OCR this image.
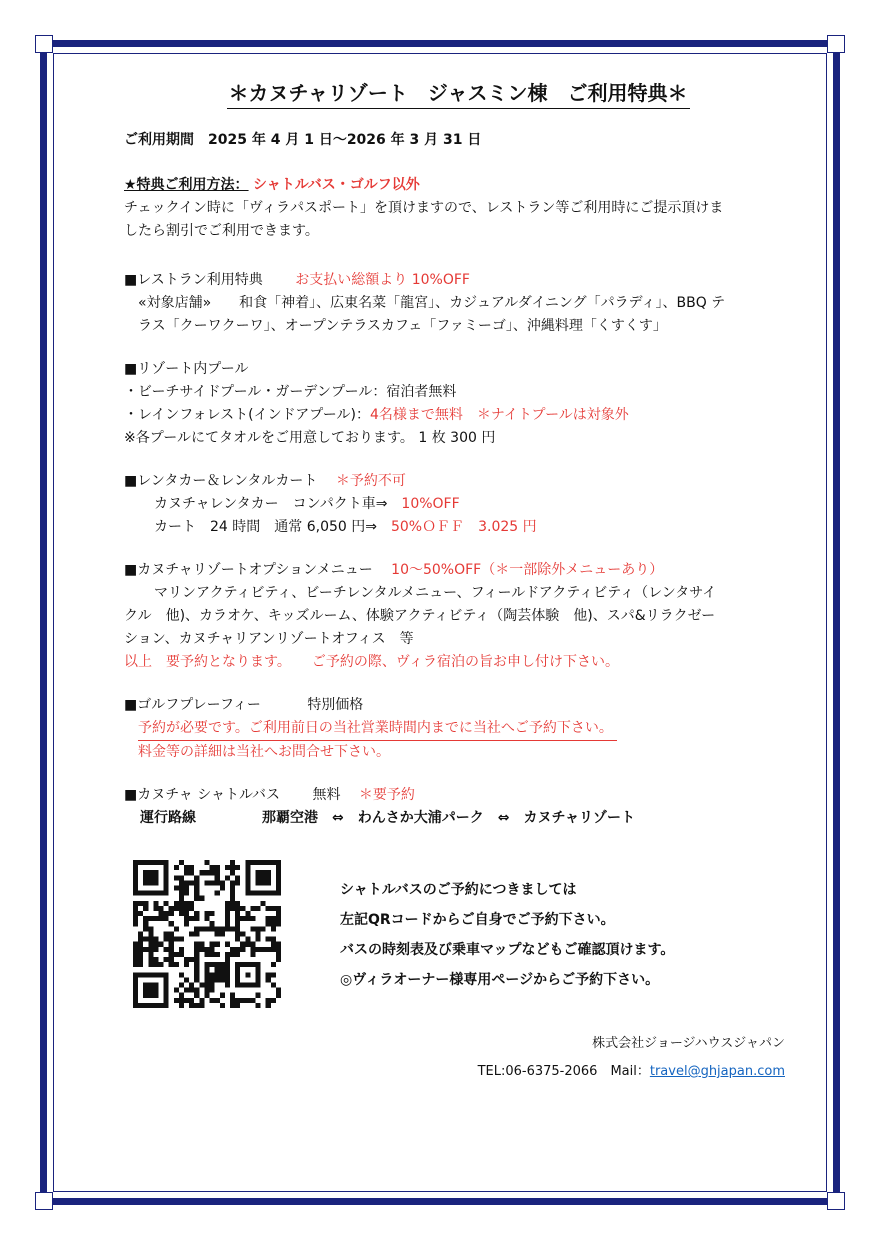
＊カヌチャリゾート　ジャスミン棟　ご利用特典＊
ご利用期間　2025 年 4 月 1 日～2026 年 3 月 31 日
★特典ご利用方法： シャトルバス・ゴルフ以外
チェックイン時に「ヴィラパスポート」を頂けますので、レストラン等ご利用時にご提示頂けま
したら割引でご利用できます。
■レストラン利用特典　　 お支払い総額より 10%OFF
«対象店舗»　　和食「神着」、広東名菜「龍宮」、カジュアルダイニング「パラディ」、BBQ テ
ラス「クーワクーワ」、オープンテラスカフェ「ファミーゴ」、沖縄料理「くすくす」
■リゾート内プール
・ビーチサイドプール・ガーデンプール：宿泊者無料
・レインフォレスト(インドアプール)：4名様まで無料　＊ナイトプールは対象外
※各プールにてタオルをご用意しております。 1 枚 300 円
■レンタカー＆レンタルカート　 ＊予約不可
カヌチャレンタカー　コンパクト車⇒　 10%OFF
カート　24 時間　通常 6,050 円⇒　 50%ＯＦＦ　3.025 円
■カヌチャリゾートオプションメニュー　 10～50%OFF（＊一部除外メニューあり）
マリンアクティビティ、ビーチレンタルメニュー、フィールドアクティビティ（レンタサイ
クル　他)、カラオケ、キッズルーム、体験アクティビティ（陶芸体験　他)、スパ&リラクゼー
ション、カヌチャリアンリゾートオフィス　等
以上　要予約となります。　　ご予約の際、ヴィラ宿泊の旨お申し付け下さい。
■ゴルフプレーフィー　　　	特別価格
予約が必要です。ご利用前日の当社営業時間内までに当社へご予約下さい。
料金等の詳細は当社へお問合せ下さい。
■カヌチャ シャトルバス　　 無料　 ＊要予約
運行路線	那覇空港　⇔　わんさか大浦パーク　⇔　カヌチャリゾート
シャトルバスのご予約につきましては
左記QRコードからご自身でご予約下さい。
バスの時刻表及び乗車マップなどもご確認頂けます。
◎ヴィラオーナー様専用ページからご予約下さい。
株式会社ジョージハウスジャパン
TEL:06-6375-2066　Mail：travel@ghjapan.com
